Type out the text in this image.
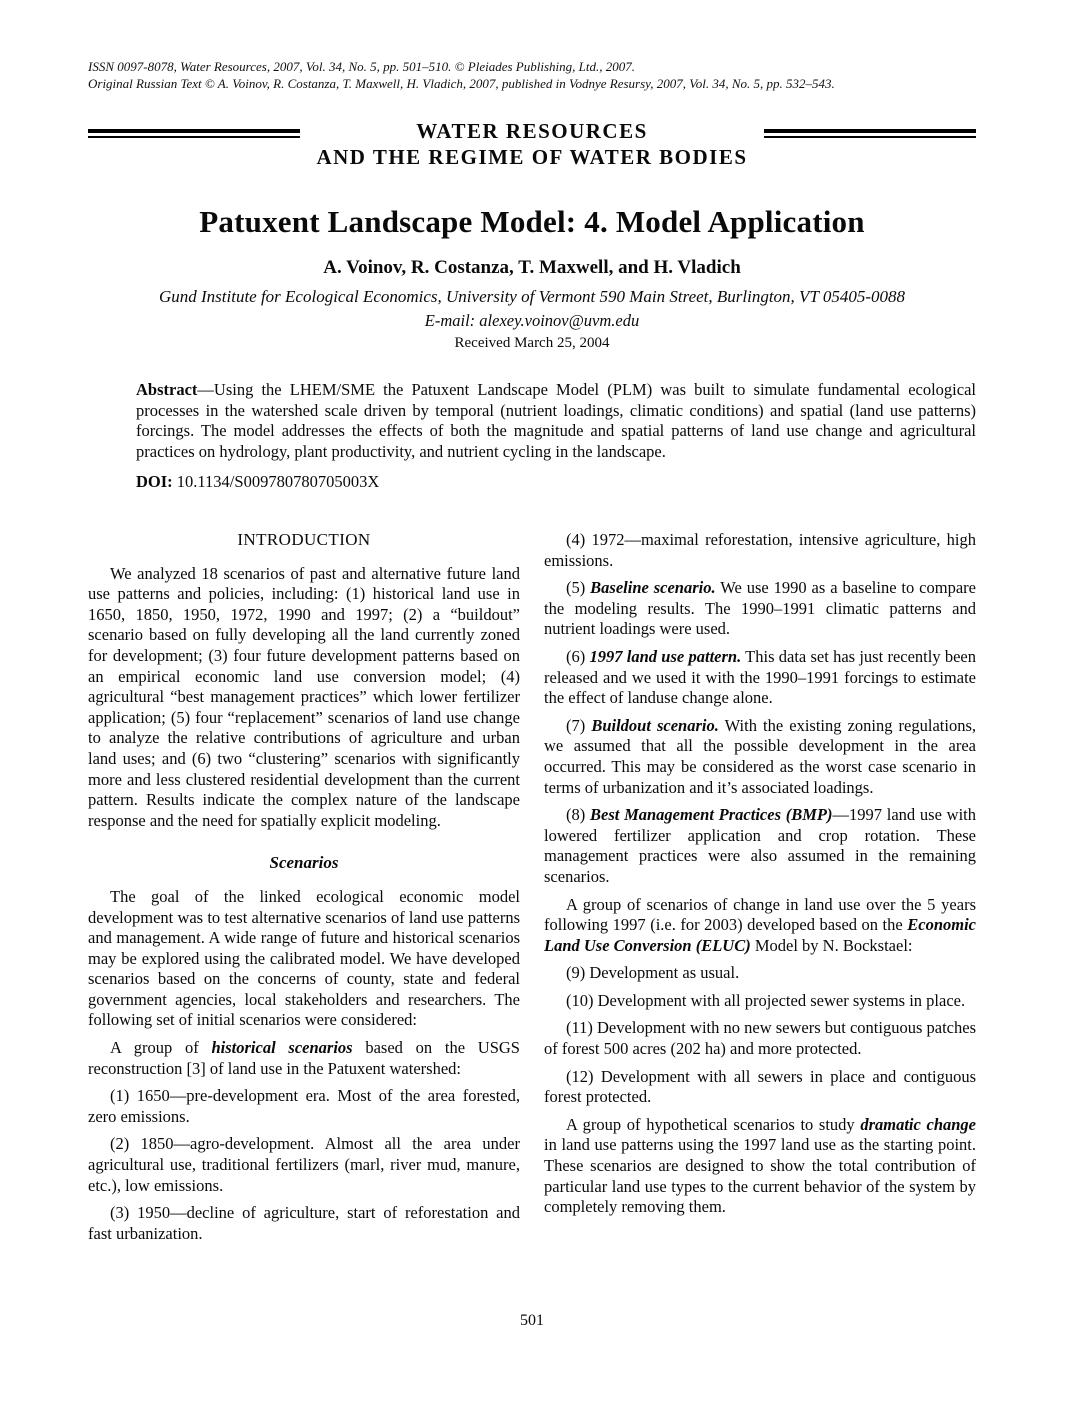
ISSN 0097-8078, Water Resources, 2007, Vol. 34, No. 5, pp. 501–510. © Pleiades Publishing, Ltd., 2007.
Original Russian Text © A. Voinov, R. Costanza, T. Maxwell, H. Vladich, 2007, published in Vodnye Resursy, 2007, Vol. 34, No. 5, pp. 532–543.
WATER RESOURCES
AND THE REGIME OF WATER BODIES
Patuxent Landscape Model: 4. Model Application
A. Voinov, R. Costanza, T. Maxwell, and H. Vladich
Gund Institute for Ecological Economics, University of Vermont 590 Main Street, Burlington, VT 05405-0088
E-mail: alexey.voinov@uvm.edu
Received March 25, 2004

Abstract—Using the LHEM/SME the Patuxent Landscape Model (PLM) was built to simulate fundamental ecological processes in the watershed scale driven by temporal (nutrient loadings, climatic conditions) and spatial (land use patterns) forcings. The model addresses the effects of both the magnitude and spatial patterns of land use change and agricultural practices on hydrology, plant productivity, and nutrient cycling in the landscape.

DOI: 10.1134/S009780780705003X

INTRODUCTION

We analyzed 18 scenarios of past and alternative future land use patterns and policies, including: (1) historical land use in 1650, 1850, 1950, 1972, 1990 and 1997; (2) a “buildout” scenario based on fully developing all the land currently zoned for development; (3) four future development patterns based on an empirical economic land use conversion model; (4) agricultural “best management practices” which lower fertilizer application; (5) four “replacement” scenarios of land use change to analyze the relative contributions of agriculture and urban land uses; and (6) two “clustering” scenarios with significantly more and less clustered residential development than the current pattern. Results indicate the complex nature of the landscape response and the need for spatially explicit modeling.

Scenarios

The goal of the linked ecological economic model development was to test alternative scenarios of land use patterns and management. A wide range of future and historical scenarios may be explored using the calibrated model. We have developed scenarios based on the concerns of county, state and federal government agencies, local stakeholders and researchers. The following set of initial scenarios were considered:

A group of historical scenarios based on the USGS reconstruction [3] of land use in the Patuxent watershed:

(1) 1650—pre-development era. Most of the area forested, zero emissions.

(2) 1850—agro-development. Almost all the area under agricultural use, traditional fertilizers (marl, river mud, manure, etc.), low emissions.

(3) 1950—decline of agriculture, start of reforestation and fast urbanization.

(4) 1972—maximal reforestation, intensive agriculture, high emissions.

(5) Baseline scenario. We use 1990 as a baseline to compare the modeling results. The 1990–1991 climatic patterns and nutrient loadings were used.

(6) 1997 land use pattern. This data set has just recently been released and we used it with the 1990–1991 forcings to estimate the effect of landuse change alone.

(7) Buildout scenario. With the existing zoning regulations, we assumed that all the possible development in the area occurred. This may be considered as the worst case scenario in terms of urbanization and it’s associated loadings.

(8) Best Management Practices (BMP)—1997 land use with lowered fertilizer application and crop rotation. These management practices were also assumed in the remaining scenarios.

A group of scenarios of change in land use over the 5 years following 1997 (i.e. for 2003) developed based on the Economic Land Use Conversion (ELUC) Model by N. Bockstael:

(9) Development as usual.

(10) Development with all projected sewer systems in place.

(11) Development with no new sewers but contiguous patches of forest 500 acres (202 ha) and more protected.

(12) Development with all sewers in place and contiguous forest protected.

A group of hypothetical scenarios to study dramatic change in land use patterns using the 1997 land use as the starting point. These scenarios are designed to show the total contribution of particular land use types to the current behavior of the system by completely removing them.

501
